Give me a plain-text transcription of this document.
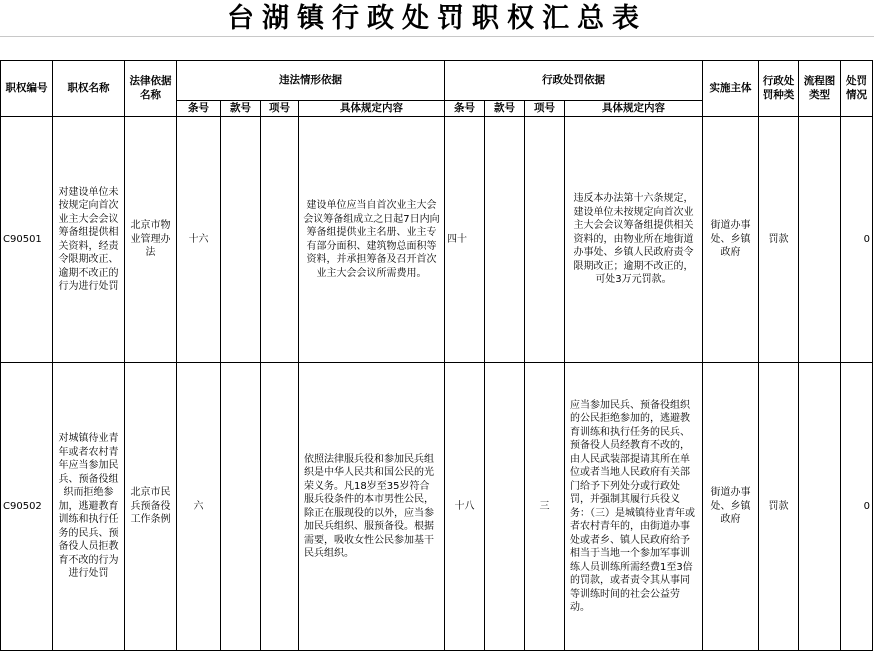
台湖镇行政处罚职权汇总表
职权编号	职权名称	法律依据名称	违法情形依据				行政处罚依据				实施主体	行政处罚种类	流程图类型	处罚情况
			条号	款号	项号	具体规定内容	条号	款号	项号	具体规定内容				
C90501	对建设单位未按规定向首次业主大会会议筹备组提供相关资料，经责令限期改正、逾期不改正的行为进行处罚	北京市物业管理办法	十六			建设单位应当自首次业主大会会议筹备组成立之日起7日内向筹备组提供业主名册、业主专有部分面积、建筑物总面积等资料，并承担筹备及召开首次业主大会会议所需费用。	四十			违反本办法第十六条规定，建设单位未按规定向首次业主大会会议筹备组提供相关资料的，由物业所在地街道办事处、乡镇人民政府责令限期改正；逾期不改正的，可处3万元罚款。	街道办事处、乡镇政府	罚款		0
C90502	对城镇待业青年或者农村青年应当参加民兵、预备役组织而拒绝参加，逃避教育训练和执行任务的民兵、预备役人员拒教育不改的行为进行处罚	北京市民兵预备役工作条例	六			依照法律服兵役和参加民兵组织是中华人民共和国公民的光荣义务。凡18岁至35岁符合服兵役条件的本市男性公民，除正在服现役的以外，应当参加民兵组织、服预备役。根据需要，吸收女性公民参加基干民兵组织。	十八		三	应当参加民兵、预备役组织的公民拒绝参加的，逃避教育训练和执行任务的民兵、预备役人员经教育不改的，由人民武装部提请其所在单位或者当地人民政府有关部门给予下列处分或行政处罚，并强制其履行兵役义务：（三）是城镇待业青年或者农村青年的，由街道办事处或者乡、镇人民政府给予相当于当地一个参加军事训练人员训练所需经费1至3倍的罚款，或者责令其从事同等训练时间的社会公益劳动。	街道办事处、乡镇政府	罚款		0
